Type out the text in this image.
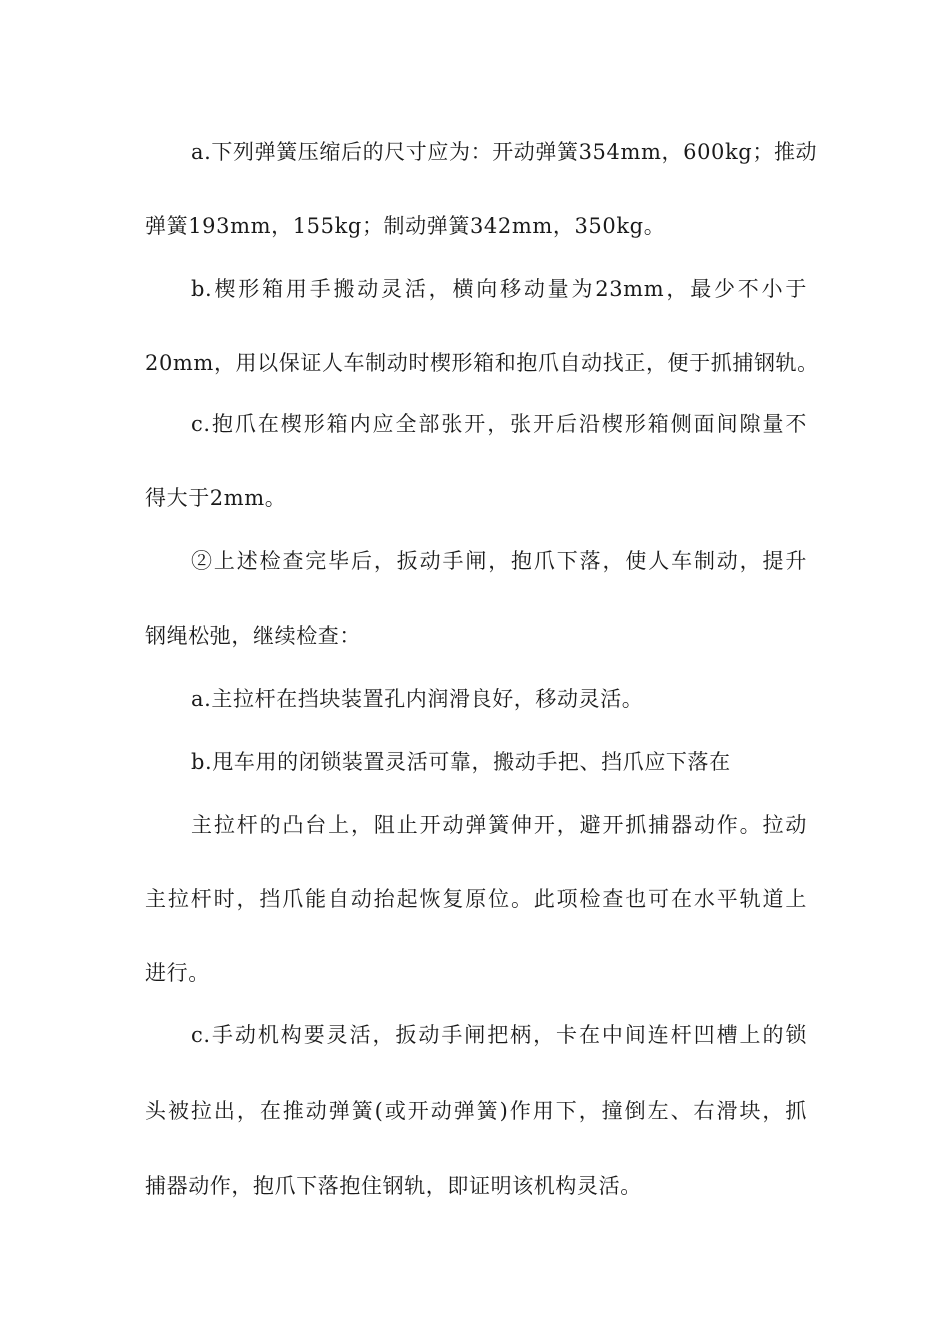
a.下列弹簧压缩后的尺寸应为：开动弹簧354mm，600kg；推动
弹簧193mm，155kg；制动弹簧342mm，350kg。
b.楔形箱用手搬动灵活，横向移动量为23mm，最少不小于
20mm，用以保证人车制动时楔形箱和抱爪自动找正，便于抓捕钢轨。
c.抱爪在楔形箱内应全部张开，张开后沿楔形箱侧面间隙量不
得大于2mm。
②上述检查完毕后，扳动手闸，抱爪下落，使人车制动，提升
钢绳松弛，继续检查：
a.主拉杆在挡块装置孔内润滑良好，移动灵活。
b.甩车用的闭锁装置灵活可靠，搬动手把、挡爪应下落在
主拉杆的凸台上，阻止开动弹簧伸开，避开抓捕器动作。拉动
主拉杆时，挡爪能自动抬起恢复原位。此项检查也可在水平轨道上
进行。
c.手动机构要灵活，扳动手闸把柄，卡在中间连杆凹槽上的锁
头被拉出，在推动弹簧(或开动弹簧)作用下，撞倒左、右滑块，抓
捕器动作，抱爪下落抱住钢轨，即证明该机构灵活。
